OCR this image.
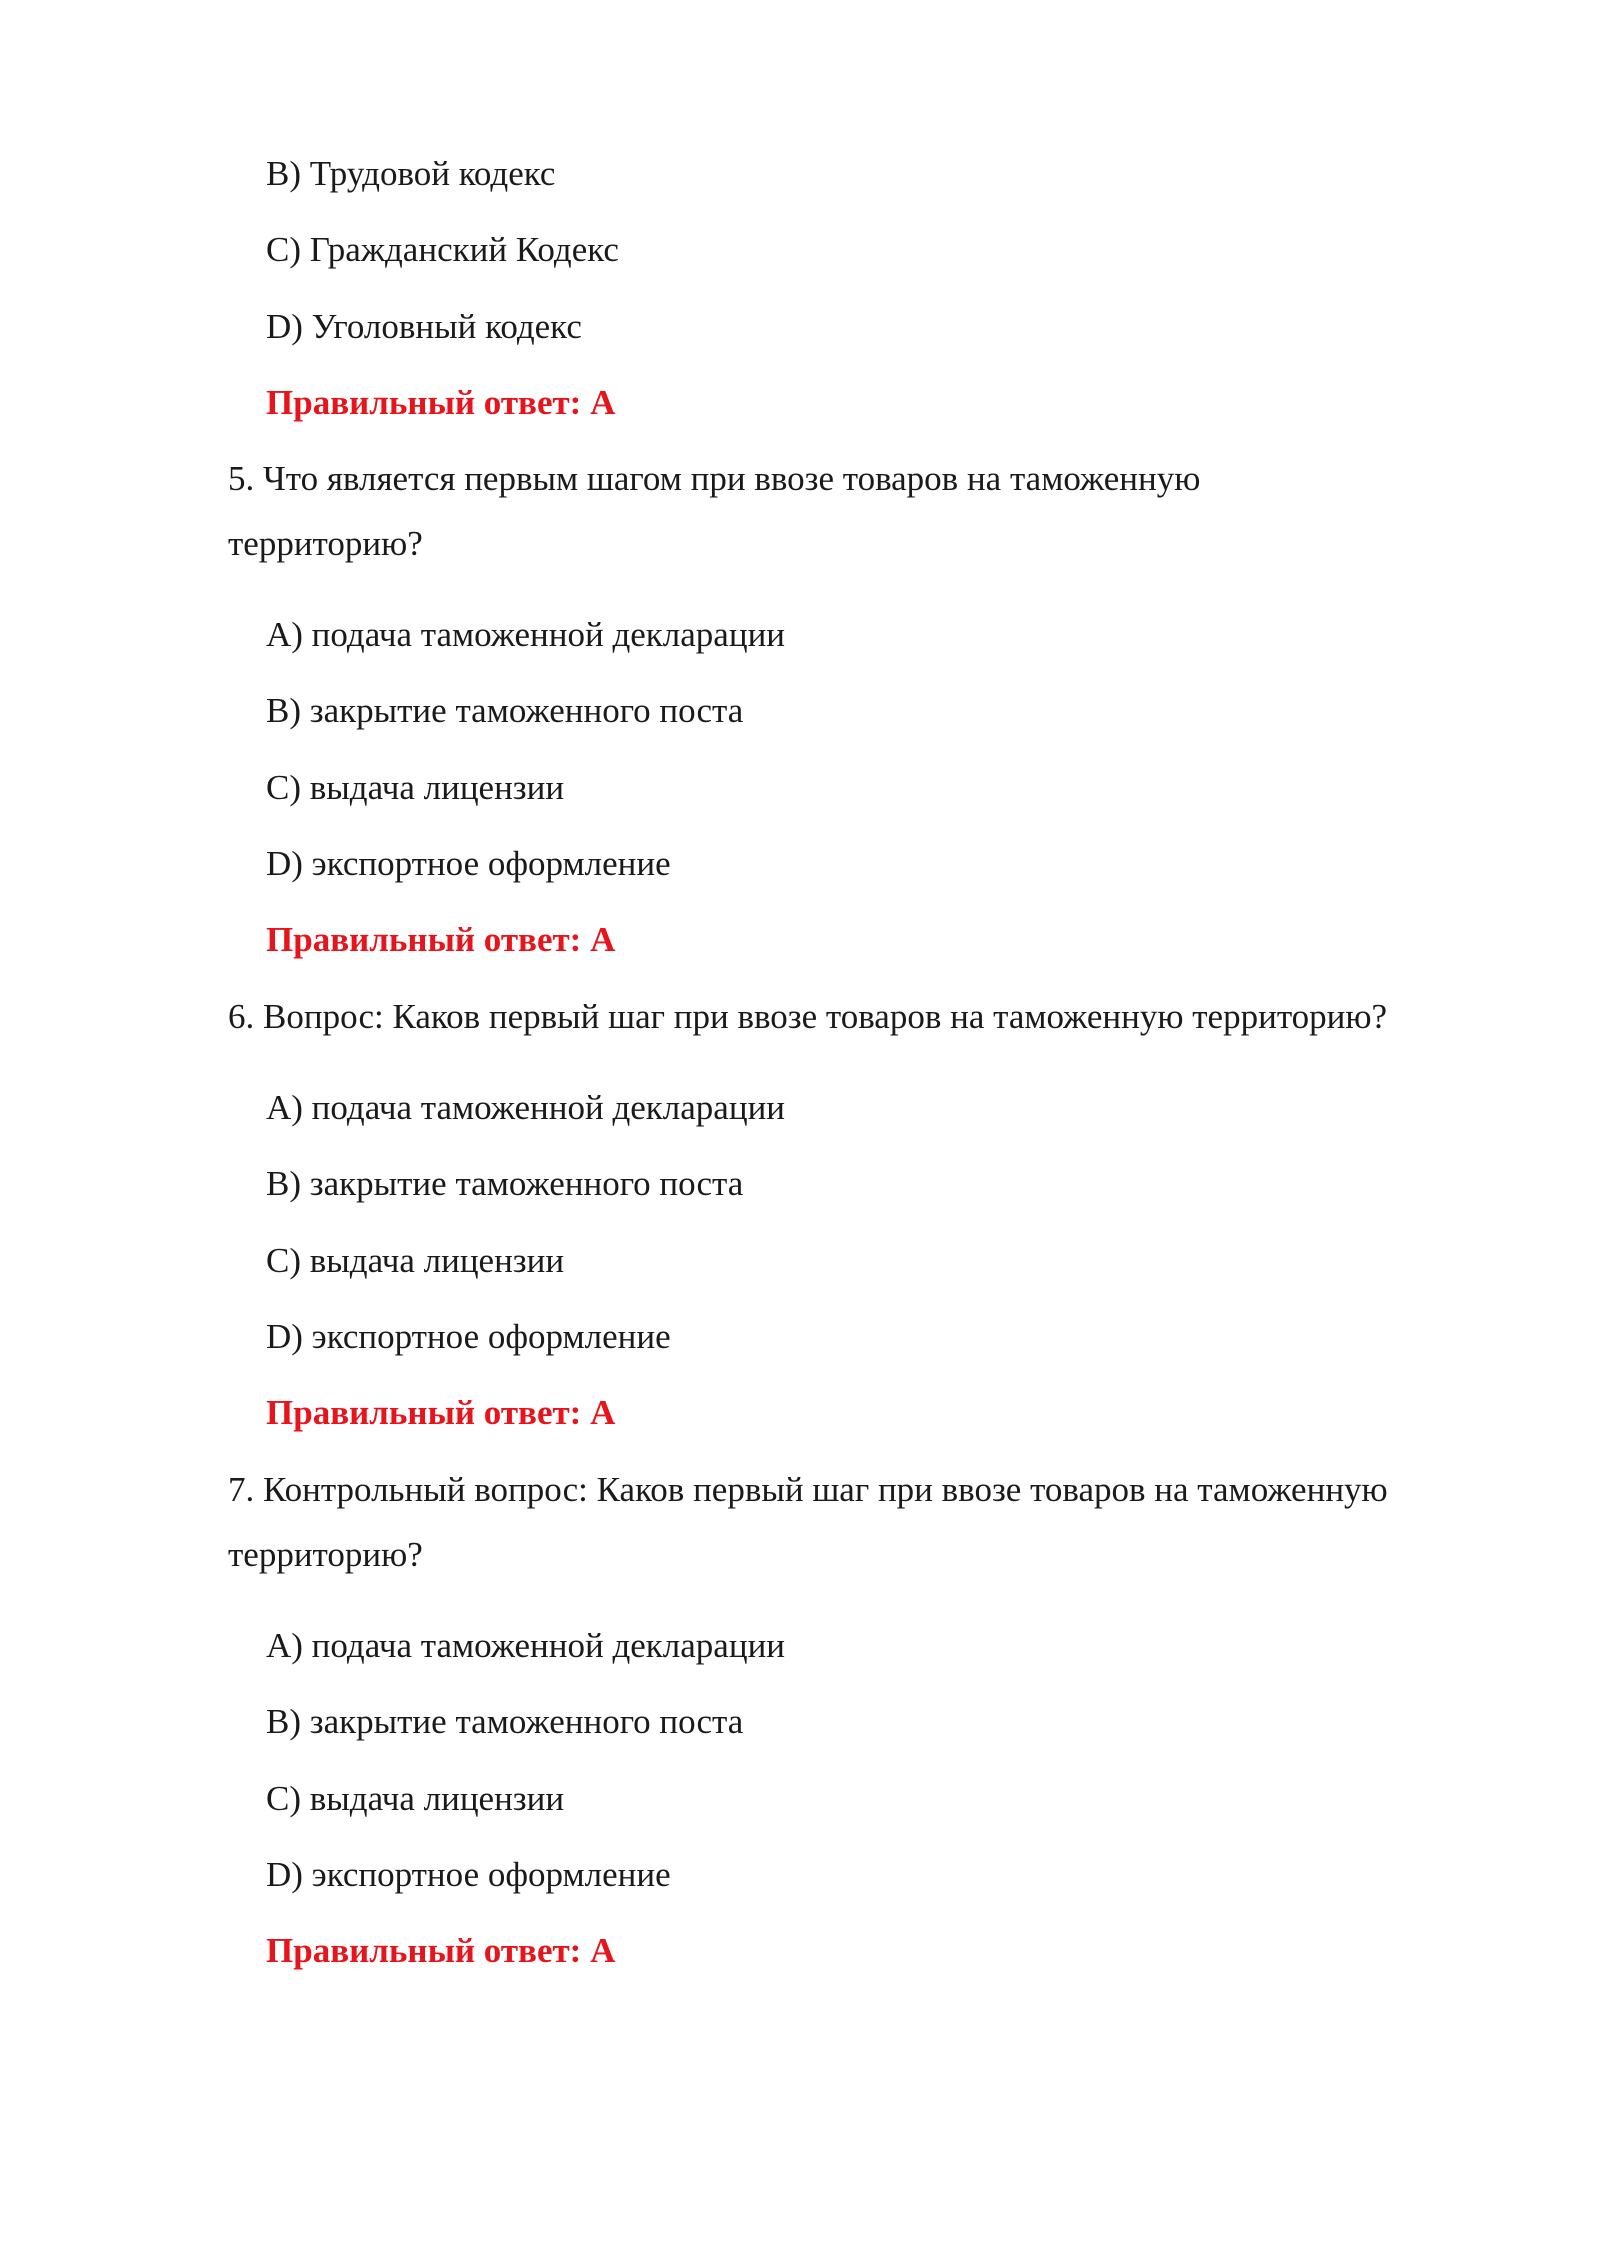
B) Трудовой кодекс
C) Гражданский Кодекс
D) Уголовный кодекс
Правильный ответ: A
5. Что является первым шагом при ввозе товаров на таможенную
территорию?
A) подача таможенной декларации
B) закрытие таможенного поста
C) выдача лицензии
D) экспортное оформление
Правильный ответ: A
6. Вопрос: Каков первый шаг при ввозе товаров на таможенную территорию?
A) подача таможенной декларации
B) закрытие таможенного поста
C) выдача лицензии
D) экспортное оформление
Правильный ответ: A
7. Контрольный вопрос: Каков первый шаг при ввозе товаров на таможенную
территорию?
A) подача таможенной декларации
B) закрытие таможенного поста
C) выдача лицензии
D) экспортное оформление
Правильный ответ: A
